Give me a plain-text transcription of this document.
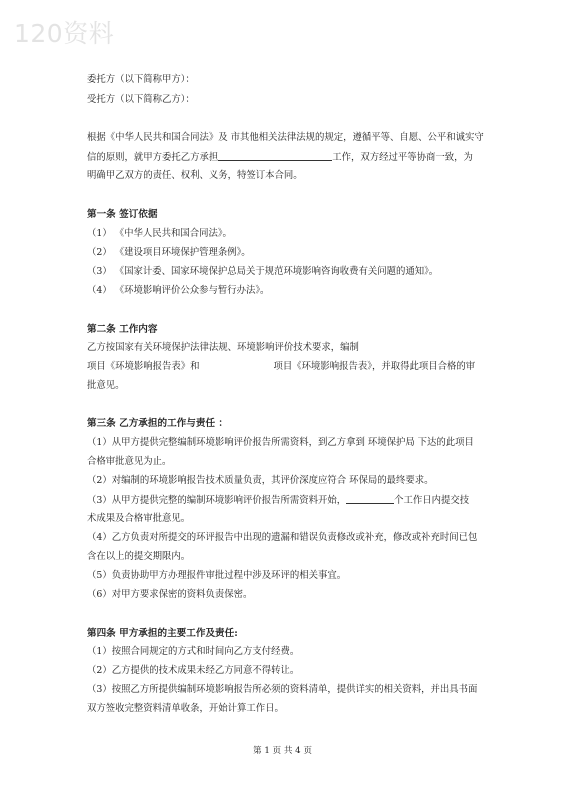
120资料
委托方（以下简称甲方）：
受托方（以下简称乙方）：
根据《中华人民共和国合同法》及 市其他相关法律法规的规定，遵循平等、自愿、公平和诚实守
信的原则，就甲方委托乙方承担	工作，双方经过平等协商一致，为
明确甲乙双方的责任、权利、义务，特签订本合同。
第一条 签订依据
（1） 《中华人民共和国合同法》。
（2） 《建设项目环境保护管理条例》。
（3） 《国家计委、国家环境保护总局关于规范环境影响咨询收费有关问题的通知》。
（4） 《环境影响评价公众参与暂行办法》。
第二条 工作内容
乙方按国家有关环境保护法律法规、环境影响评价技术要求，编制
项目《环境影响报告表》和	项目《环境影响报告表》，并取得此项目合格的审
批意见。
第三条 乙方承担的工作与责任 ：
（1）从甲方提供完整编制环境影响评价报告所需资料，到乙方拿到 环境保护局 下达的此项目
合格审批意见为止。
（2）对编制的环境影响报告技术质量负责，其评价深度应符合 环保局的最终要求。
（3）从甲方提供完整的编制环境影响评价报告所需资料开始，	个工作日内提交技
术成果及合格审批意见。
（4）乙方负责对所提交的环评报告中出现的遗漏和错误负责修改或补充，修改或补充时间已包
含在以上的提交期限内。
（5）负责协助甲方办理报件审批过程中涉及环评的相关事宜。
（6）对甲方要求保密的资料负责保密。
第四条 甲方承担的主要工作及责任:
（1）按照合同规定的方式和时间向乙方支付经费。
（2）乙方提供的技术成果未经乙方同意不得转让。
（3）按照乙方所提供编制环境影响报告所必须的资料清单，提供详实的相关资料，并出具书面
双方签收完整资料清单收条，开始计算工作日。
第 1 页 共 4 页
